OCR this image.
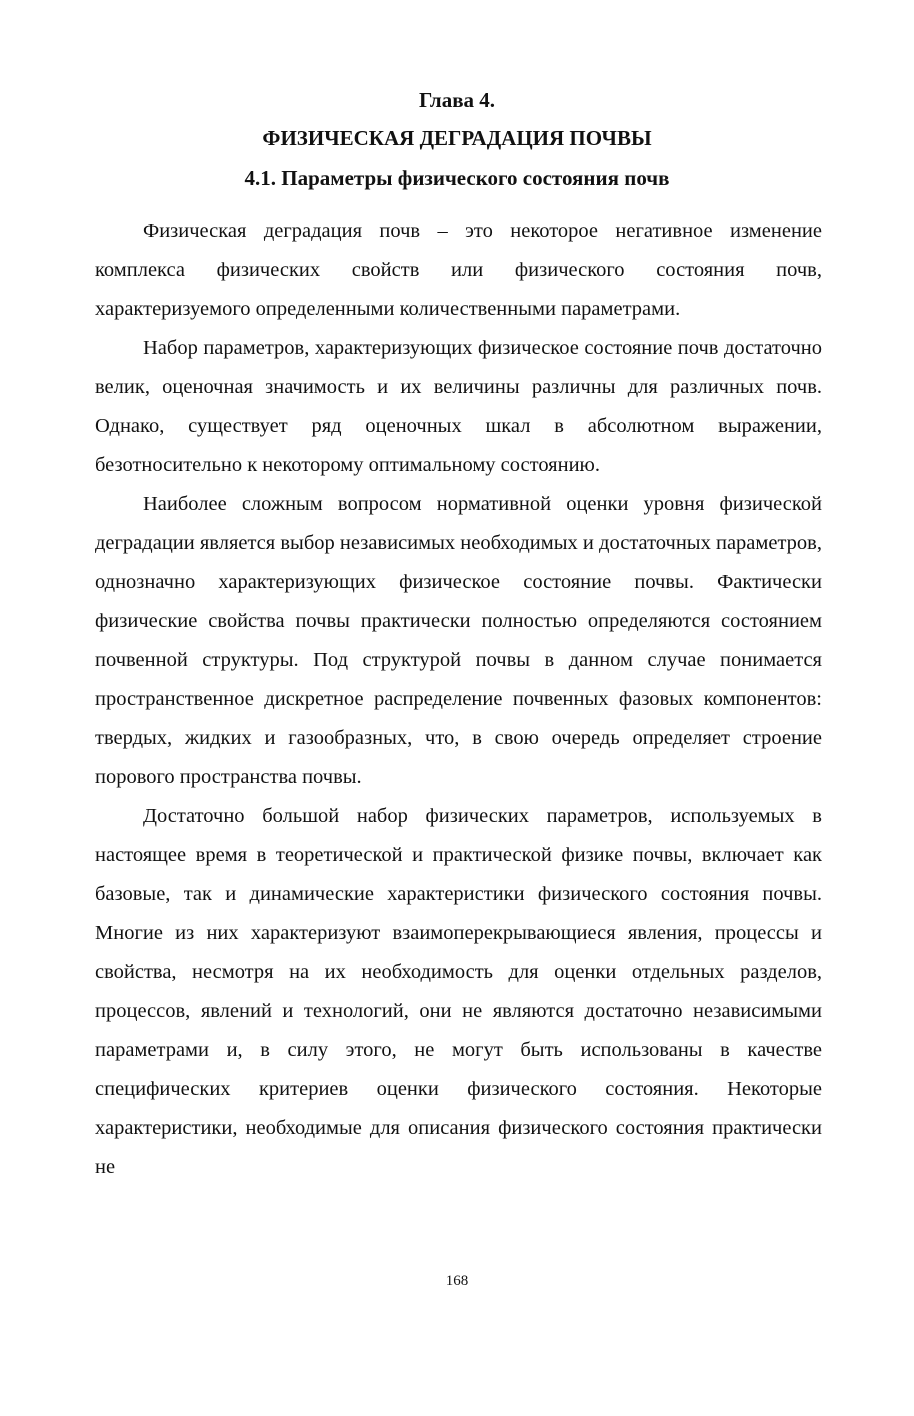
Глава 4.
ФИЗИЧЕСКАЯ ДЕГРАДАЦИЯ ПОЧВЫ
4.1. Параметры физического состояния почв

Физическая деградация почв – это некоторое негативное изменение комплекса физических свойств или физического состояния почв, характеризуемого определенными количественными параметрами.

Набор параметров, характеризующих физическое состояние почв достаточно велик, оценочная значимость и их величины различны для различных почв. Однако, существует ряд оценочных шкал в абсолютном выражении, безотносительно к некоторому оптимальному состоянию.

Наиболее сложным вопросом нормативной оценки уровня физической деградации является выбор независимых необходимых и достаточных параметров, однозначно характеризующих физическое состояние почвы. Фактически физические свойства почвы практически полностью определяются состоянием почвенной структуры. Под структурой почвы в данном случае понимается пространственное дискретное распределение почвенных фазовых компонентов: твердых, жидких и газообразных, что, в свою очередь определяет строение порового пространства почвы.

Достаточно большой набор физических параметров, используемых в настоящее время в теоретической и практической физике почвы, включает как базовые, так и динамические характеристики физического состояния почвы. Многие из них характеризуют взаимоперекрывающиеся явления, процессы и свойства, несмотря на их необходимость для оценки отдельных разделов, процессов, явлений и технологий, они не являются достаточно независимыми параметрами и, в силу этого, не могут быть использованы в качестве специфических критериев оценки физического состояния. Некоторые характеристики, необходимые для описания физического состояния практически не

168
